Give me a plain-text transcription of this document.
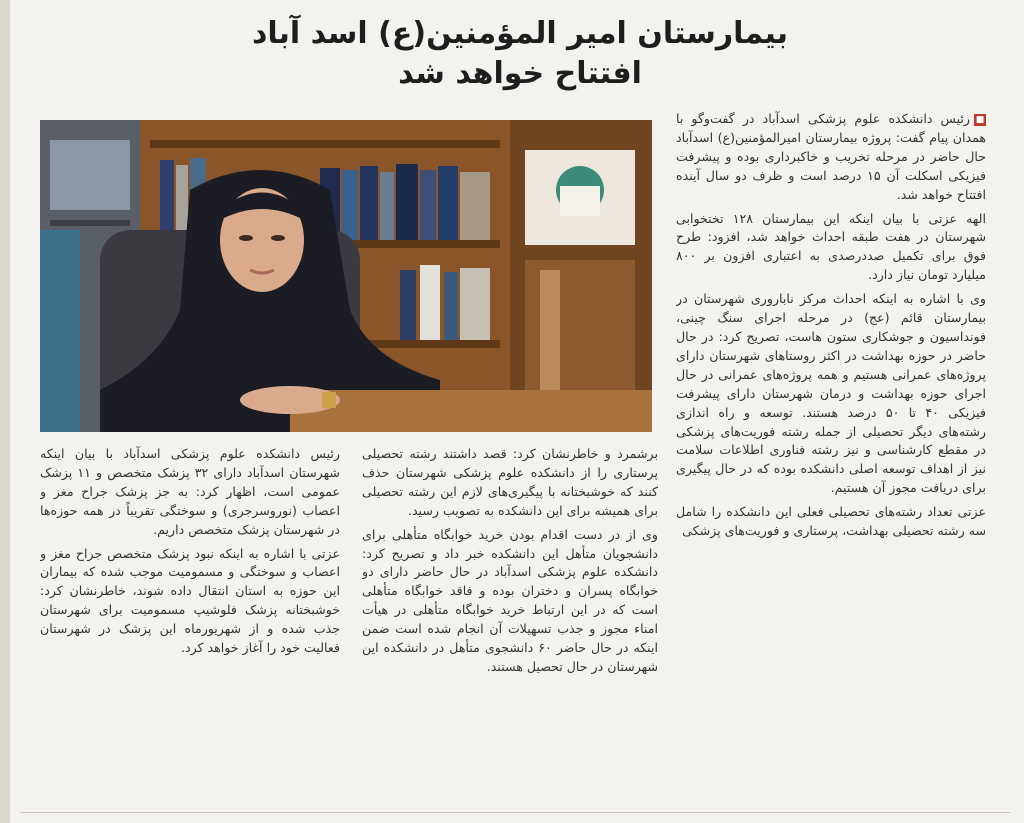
بیمارستان امیر المؤمنین(ع) اسد آباد
افتتاح خواهد شد

■رئیس دانشکده علوم پزشکی اسدآباد در گفت‌وگو با همدان پیام گفت: پروژه بیمارستان امیرالمؤمنین(ع) اسدآباد حال حاضر در مرحله تخریب و خاکبرداری بوده و پیشرفت فیزیکی اسکلت آن ۱۵ درصد است و ظرف دو سال آینده افتتاح خواهد شد.

الهه عزتی با بیان اینکه این بیمارستان ۱۲۸ تختخوابی شهرستان در هفت طبقه احداث خواهد شد، افزود: طرح فوق برای تکمیل صددرصدی به اعتباری افزون بر ۸۰۰ میلیارد تومان نیاز دارد.

وی با اشاره به اینکه احداث مرکز ناباروری شهرستان در بیمارستان قائم (عج) در مرحله اجرای سنگ چینی، فونداسیون و جوشکاری ستون هاست، تصریح کرد: در حال حاضر در حوزه بهداشت در اکثر روستاهای شهرستان دارای پروژه‌های عمرانی هستیم و همه پروژه‌های عمرانی در حال اجرای حوزه بهداشت و درمان شهرستان دارای پیشرفت فیزیکی ۴۰ تا ۵۰ درصد هستند. توسعه و راه اندازی رشته‌های دیگر تحصیلی از جمله رشته فوریت‌های پزشکی در مقطع کارشناسی و نیز رشته فناوری اطلاعات سلامت نیز از اهداف توسعه اصلی دانشکده بوده که در حال پیگیری برای دریافت مجوز آن هستیم.

عزتی تعداد رشته‌های تحصیلی فعلی این دانشکده را شامل سه رشته تحصیلی بهداشت، پرستاری و فوریت‌های پزشکی

برشمرد و خاطرنشان کرد: قصد داشتند رشته تحصیلی پرستاری را از دانشکده علوم پزشکی شهرستان حذف کنند که خوشبختانه با پیگیری‌های لازم این رشته تحصیلی برای همیشه برای این دانشکده به تصویب رسید.

وی از در دست اقدام بودن خرید خوابگاه متأهلی برای دانشجویان متأهل این دانشکده خبر داد و تصریح کرد: دانشکده علوم پزشکی اسدآباد در حال حاضر دارای دو خوابگاه پسران و دختران بوده و فاقد خوابگاه متأهلی است که در این ارتباط خرید خوابگاه متأهلی در هیأت امناء مجوز و جذب تسهیلات آن انجام شده است ضمن اینکه در حال حاضر ۶۰ دانشجوی متأهل در دانشکده این شهرستان در حال تحصیل هستند.

رئیس دانشکده علوم پزشکی اسدآباد با بیان اینکه شهرستان اسدآباد دارای ۳۲ پزشک متخصص و ۱۱ پزشک عمومی است، اظهار کرد: به جز پزشک جراح مغز و اعصاب (نوروسرجری) و سوختگی تقریباً در همه حوزه‌ها در شهرستان پزشک متخصص داریم.

عزتی با اشاره به اینکه نبود پزشک متخصص جراح مغز و اعصاب و سوختگی و مسمومیت موجب شده که بیماران این حوزه به استان انتقال داده شوند، خاطرنشان کرد: خوشبختانه پزشک فلوشیپ مسمومیت برای شهرستان جذب شده و از شهریورماه این پزشک در شهرستان فعالیت خود را آغاز خواهد کرد.
